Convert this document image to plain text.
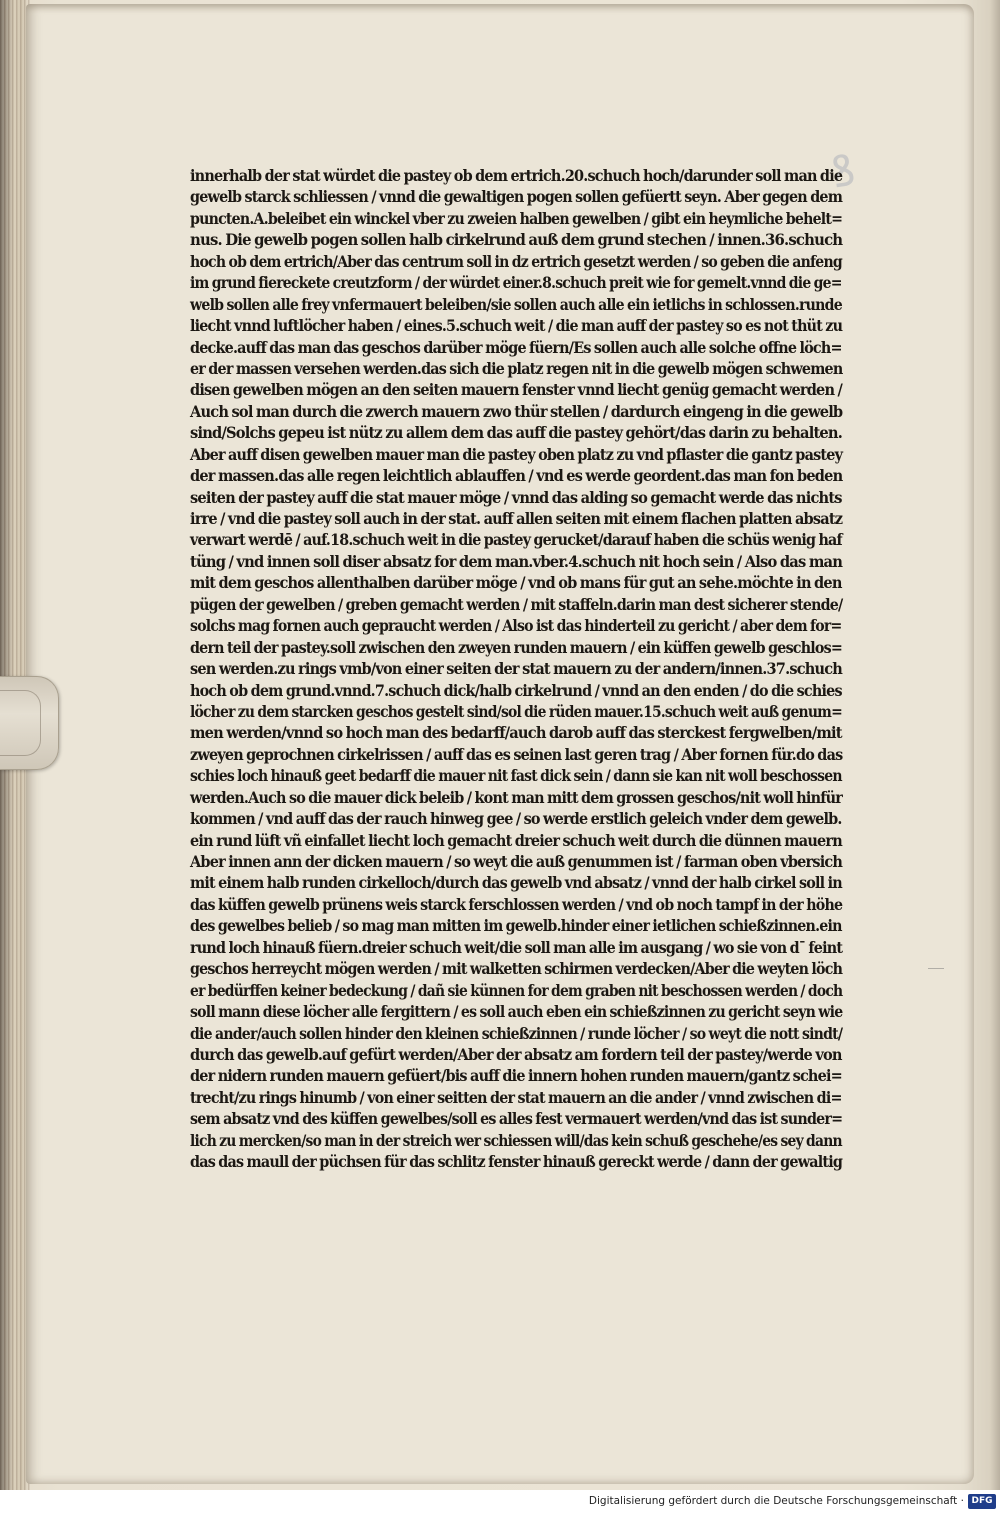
ꝸ
innerhalb der stat würdet die pastey ob dem ertrich.20.schuch hoch/darunder soll man die
gewelb starck schliessen / vnnd die gewaltigen pogen sollen gefüertt seyn. Aber gegen dem
puncten.A.beleibet ein winckel vber zu zweien halben gewelben / gibt ein heymliche behelt=
nus. Die gewelb pogen sollen halb cirkelrund auß dem grund stechen / innen.36.schuch
hoch ob dem ertrich/Aber das centrum soll in dz ertrich gesetzt werden / so geben die anfeng
im grund fiereckete creutzform / der würdet einer.8.schuch preit wie for gemelt.vnnd die ge=
welb sollen alle frey vnfermauert beleiben/sie sollen auch alle ein ietlichs in schlossen.runde
liecht vnnd luftlöcher haben / eines.5.schuch weit / die man auff der pastey so es not thüt zu
decke.auff das man das geschos darüber möge füern/Es sollen auch alle solche offne löch=
er der massen versehen werden.das sich die platz regen nit in die gewelb mögen schwemen
disen gewelben mögen an den seiten mauern fenster vnnd liecht genüg gemacht werden /
Auch sol man durch die zwerch mauern zwo thür stellen / dardurch eingeng in die gewelb
sind/Solchs gepeu ist nütz zu allem dem das auff die pastey gehört/das darin zu behalten.
Aber auff disen gewelben mauer man die pastey oben platz zu vnd pflaster die gantz pastey
der massen.das alle regen leichtlich ablauffen / vnd es werde geordent.das man fon beden
seiten der pastey auff die stat mauer möge / vnnd das alding so gemacht werde das nichts
irre / vnd die pastey soll auch in der stat. auff allen seiten mit einem flachen platten absatz
verwart werdē / auf.18.schuch weit in die pastey gerucket/darauf haben die schüs wenig haf
tüng / vnd innen soll diser absatz for dem man.vber.4.schuch nit hoch sein / Also das man
mit dem geschos allenthalben darüber möge / vnd ob mans für gut an sehe.möchte in den
pügen der gewelben / greben gemacht werden / mit staffeln.darin man dest sicherer stende/
solchs mag fornen auch gepraucht werden / Also ist das hinderteil zu gericht / aber dem for=
dern teil der pastey.soll zwischen den zweyen runden mauern / ein küffen gewelb geschlos=
sen werden.zu rings vmb/von einer seiten der stat mauern zu der andern/innen.37.schuch
hoch ob dem grund.vnnd.7.schuch dick/halb cirkelrund / vnnd an den enden / do die schies
löcher zu dem starcken geschos gestelt sind/sol die rüden mauer.15.schuch weit auß genum=
men werden/vnnd so hoch man des bedarff/auch darob auff das sterckest fergwelben/mit
zweyen geprochnen cirkelrissen / auff das es seinen last geren trag / Aber fornen für.do das
schies loch hinauß geet bedarff die mauer nit fast dick sein / dann sie kan nit woll beschossen
werden.Auch so die mauer dick beleib / kont man mitt dem grossen geschos/nit woll hinfür
kommen / vnd auff das der rauch hinweg gee / so werde erstlich geleich vnder dem gewelb.
ein rund lüft vñ einfallet liecht loch gemacht dreier schuch weit durch die dünnen mauern
Aber innen ann der dicken mauern / so weyt die auß genummen ist / farman oben vbersich
mit einem halb runden cirkelloch/durch das gewelb vnd absatz / vnnd der halb cirkel soll in
das küffen gewelb prünens weis starck ferschlossen werden / vnd ob noch tampf in der höhe
des gewelbes belieb / so mag man mitten im gewelb.hinder einer ietlichen schießzinnen.ein
rund loch hinauß füern.dreier schuch weit/die soll man alle im ausgang / wo sie von dˉ feint
geschos herreycht mögen werden / mit walketten schirmen verdecken/Aber die weyten löch
er bedürffen keiner bedeckung / dañ sie künnen for dem graben nit beschossen werden / doch
soll mann diese löcher alle fergittern / es soll auch eben ein schießzinnen zu gericht seyn wie
die ander/auch sollen hinder den kleinen schießzinnen / runde löcher / so weyt die nott sindt/
durch das gewelb.auf gefürt werden/Aber der absatz am fordern teil der pastey/werde von
der nidern runden mauern gefüert/bis auff die innern hohen runden mauern/gantz schei=
trecht/zu rings hinumb / von einer seitten der stat mauern an die ander / vnnd zwischen di=
sem absatz vnd des küffen gewelbes/soll es alles fest vermauert werden/vnd das ist sunder=
lich zu mercken/so man in der streich wer schiessen will/das kein schuß geschehe/es sey dann
das das maull der püchsen für das schlitz fenster hinauß gereckt werde / dann der gewaltig
Digitalisierung gefördert durch die Deutsche Forschungsgemeinschaft · DFG
